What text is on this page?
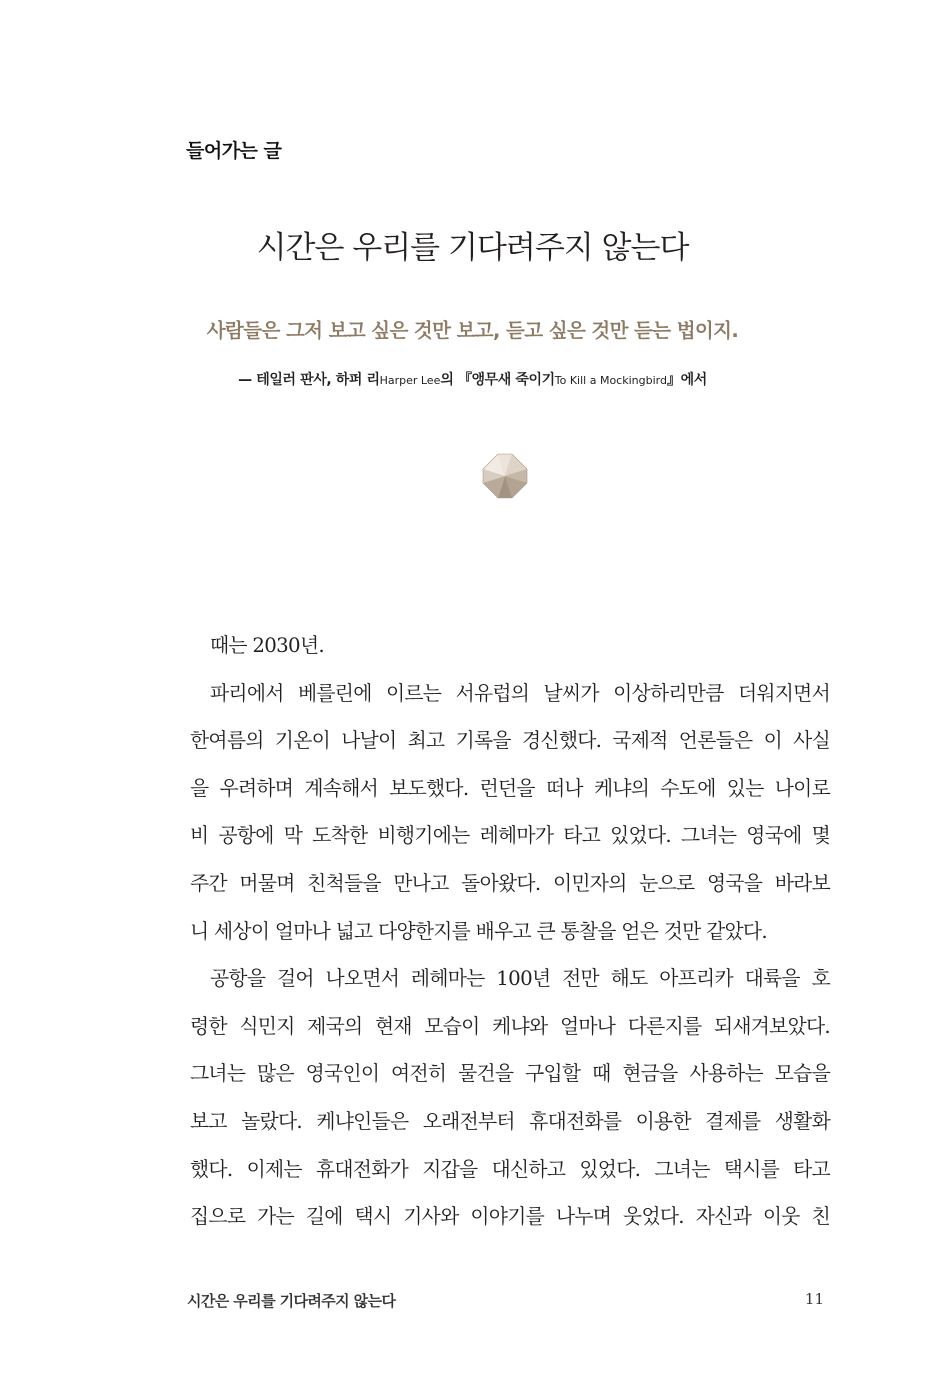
들어가는 글
시간은 우리를 기다려주지 않는다
사람들은 그저 보고 싶은 것만 보고, 듣고 싶은 것만 듣는 법이지.
— 테일러 판사, 하퍼 리Harper Lee의 『앵무새 죽이기To Kill a Mockingbird』에서
때는 2030년.
파리에서 베를린에 이르는 서유럽의 날씨가 이상하리만큼 더워지면서
한여름의 기온이 나날이 최고 기록을 경신했다. 국제적 언론들은 이 사실
을 우려하며 계속해서 보도했다. 런던을 떠나 케냐의 수도에 있는 나이로
비 공항에 막 도착한 비행기에는 레헤마가 타고 있었다. 그녀는 영국에 몇
주간 머물며 친척들을 만나고 돌아왔다. 이민자의 눈으로 영국을 바라보
니 세상이 얼마나 넓고 다양한지를 배우고 큰 통찰을 얻은 것만 같았다.
공항을 걸어 나오면서 레헤마는 100년 전만 해도 아프리카 대륙을 호
령한 식민지 제국의 현재 모습이 케냐와 얼마나 다른지를 되새겨보았다.
그녀는 많은 영국인이 여전히 물건을 구입할 때 현금을 사용하는 모습을
보고 놀랐다. 케냐인들은 오래전부터 휴대전화를 이용한 결제를 생활화
했다. 이제는 휴대전화가 지갑을 대신하고 있었다. 그녀는 택시를 타고
집으로 가는 길에 택시 기사와 이야기를 나누며 웃었다. 자신과 이웃 친
시간은 우리를 기다려주지 않는다	11
